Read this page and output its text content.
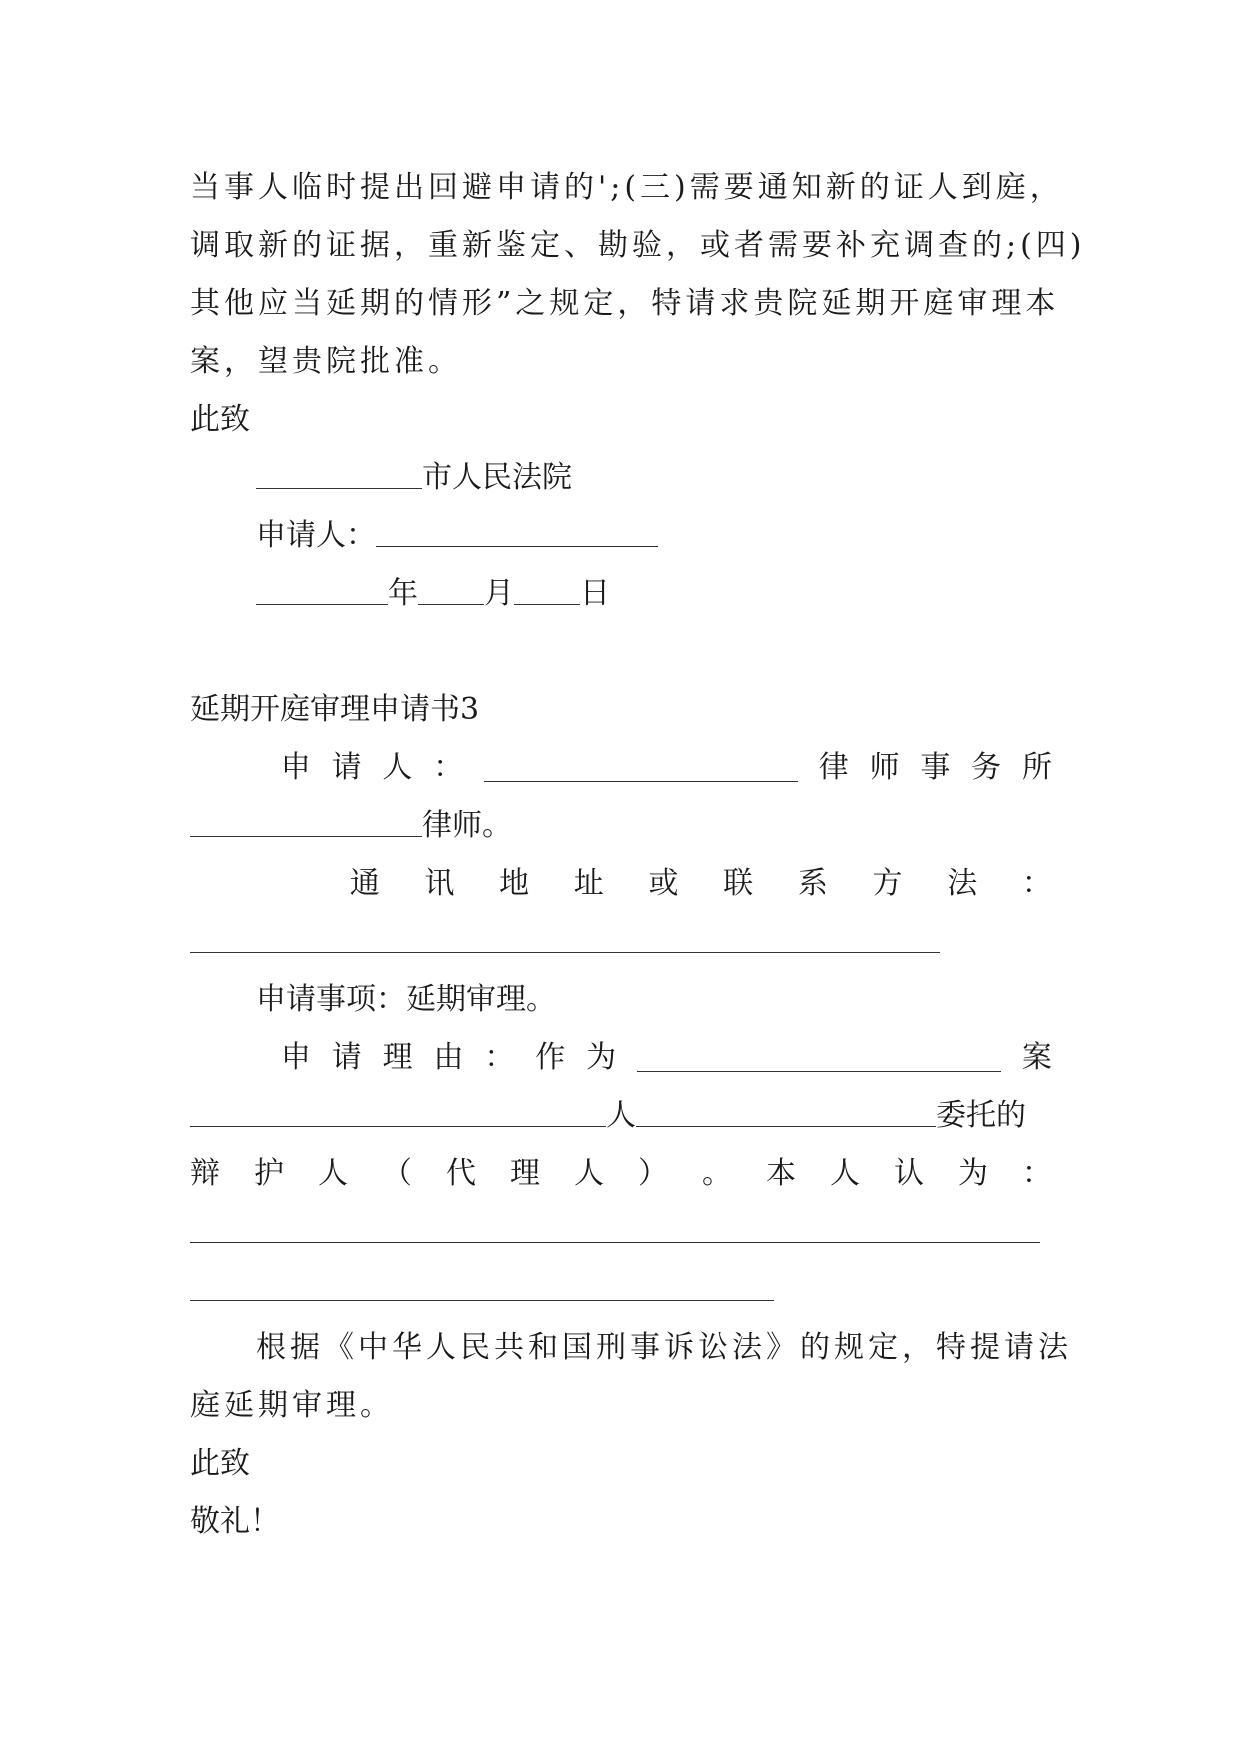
当事人临时提出回避申请的';(三)需要通知新的证人到庭，
调取新的证据，重新鉴定、勘验，或者需要补充调查的;(四)
其他应当延期的情形”之规定，特请求贵院延期开庭审理本
案，望贵院批准。
此致
市人民法院
申请人：
年 月 日
延期开庭审理申请书3
申 请 人 ：	律 师 事 务 所
律师。
通 讯 地 址 或 联 系 方 法 ：
申请事项：延期审理。
申 请 理 由 ： 作 为	案
人	委托的
辩 护 人 （ 代 理 人 ） 。 本 人 认 为 ：
根据《中华人民共和国刑事诉讼法》的规定，特提请法
庭延期审理。
此致
敬礼！
